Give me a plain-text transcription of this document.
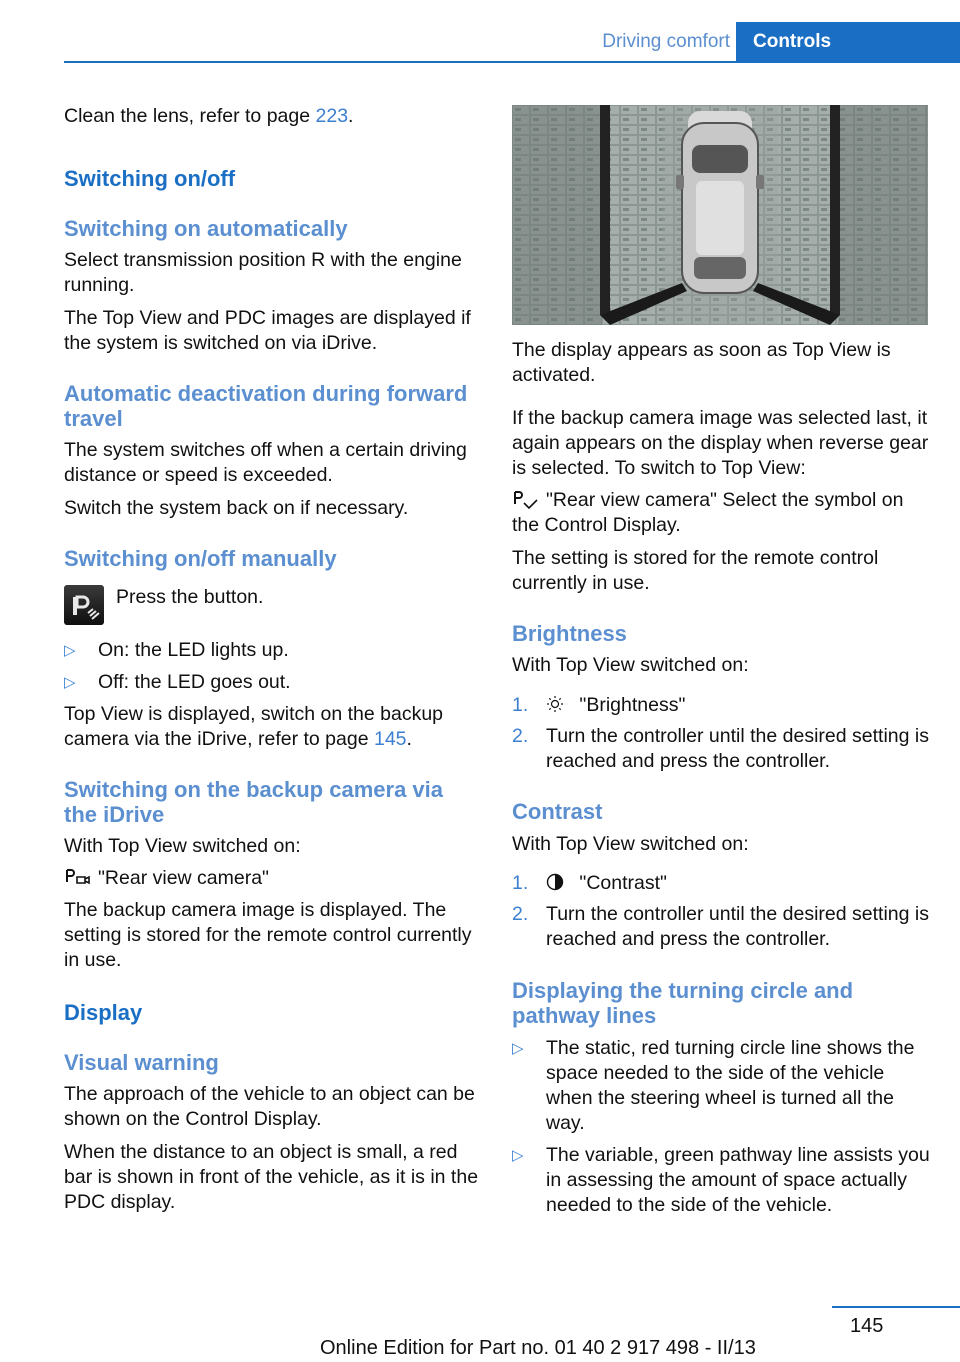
Driving comfort	Controls

Clean the lens, refer to page 223.

Switching on/off
Switching on automatically

Select transmission position R with the engine running.

The Top View and PDC images are displayed if the system is switched on via iDrive.

Automatic deactivation during forward travel

The system switches off when a certain driving distance or speed is exceeded.

Switch the system back on if necessary.

Switching on/off manually

Press the button.

▷ On: the LED lights up.
▷ Off: the LED goes out.

Top View is displayed, switch on the backup camera via the iDrive, refer to page 145.

Switching on the backup camera via the iDrive

With Top View switched on:

"Rear view camera"

The backup camera image is displayed. The setting is stored for the remote control currently in use.

Display
Visual warning

The approach of the vehicle to an object can be shown on the Control Display.

When the distance to an object is small, a red bar is shown in front of the vehicle, as it is in the PDC display.

The display appears as soon as Top View is activated.

If the backup camera image was selected last, it again appears on the display when reverse gear is selected. To switch to Top View:

"Rear view camera" Select the symbol on the Control Display.

The setting is stored for the remote control currently in use.

Brightness

With Top View switched on:

1.	"Brightness"
2. Turn the controller until the desired setting is reached and press the controller.
Contrast

With Top View switched on:

1.	"Contrast"
2. Turn the controller until the desired setting is reached and press the controller.
Displaying the turning circle and pathway lines
▷ The static, red turning circle line shows the space needed to the side of the vehicle when the steering wheel is turned all the way.
▷ The variable, green pathway line assists you in assessing the amount of space actually needed to the side of the vehicle.
145
Online Edition for Part no. 01 40 2 917 498 - II/13
